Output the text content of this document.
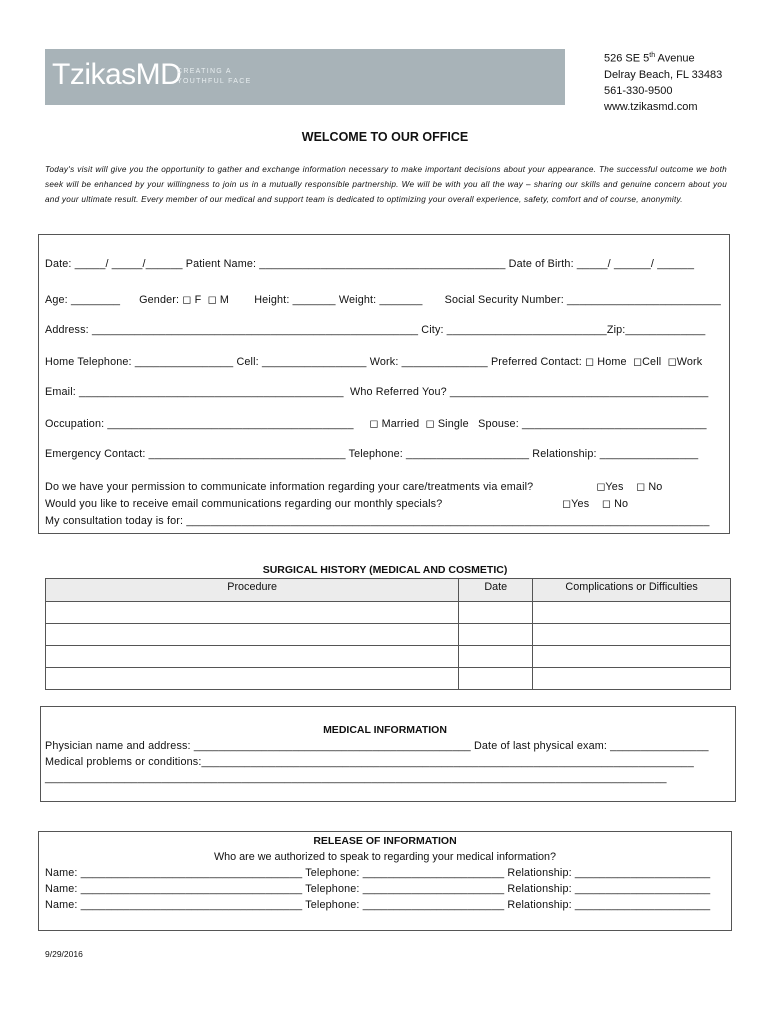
TzikasMD
CREATING A
YOUTHFUL FACE
526 SE 5th Avenue
Delray Beach, FL 33483
561-330-9500
www.tzikasmd.com
WELCOME TO OUR OFFICE
Today's visit will give you the opportunity to gather and exchange information necessary to make important decisions about your appearance. The successful outcome we both seek will be enhanced by your willingness to join us in a mutually responsible partnership. We will be with you all the way – sharing our skills and genuine concern about you and your ultimate result. Every member of our medical and support team is dedicated to optimizing your overall experience, safety, comfort and of course, anonymity.
Date: _____/ _____/______ Patient Name: ________________________________________ Date of Birth: _____/ ______/ ______
Age: ________      Gender: ◻ F  ◻ M        Height: _______ Weight: _______       Social Security Number: _________________________
Address: _____________________________________________________ City: __________________________Zip:_____________
Home Telephone: ________________ Cell: _________________ Work: ______________ Preferred Contact: ◻ Home  ◻Cell  ◻Work
Email: ___________________________________________  Who Referred You? __________________________________________
Occupation: ________________________________________     ◻ Married  ◻ Single   Spouse: ______________________________
Emergency Contact: ________________________________ Telephone: ____________________ Relationship: ________________
Do we have your permission to communicate information regarding your care/treatments via email?                    ◻Yes    ◻ No
Would you like to receive email communications regarding our monthly specials?                                      ◻Yes    ◻ No
My consultation today is for: _____________________________________________________________________________________
SURGICAL HISTORY (MEDICAL AND COSMETIC)
Procedure	Date	Complications or Difficulties

MEDICAL INFORMATION
Physician name and address: _____________________________________________ Date of last physical exam: ________________
Medical problems or conditions:________________________________________________________________________________
_____________________________________________________________________________________________________
RELEASE OF INFORMATION
Who are we authorized to speak to regarding your medical information?
Name: ____________________________________ Telephone: _______________________ Relationship: ______________________
Name: ____________________________________ Telephone: _______________________ Relationship: ______________________
Name: ____________________________________ Telephone: _______________________ Relationship: ______________________
9/29/2016
